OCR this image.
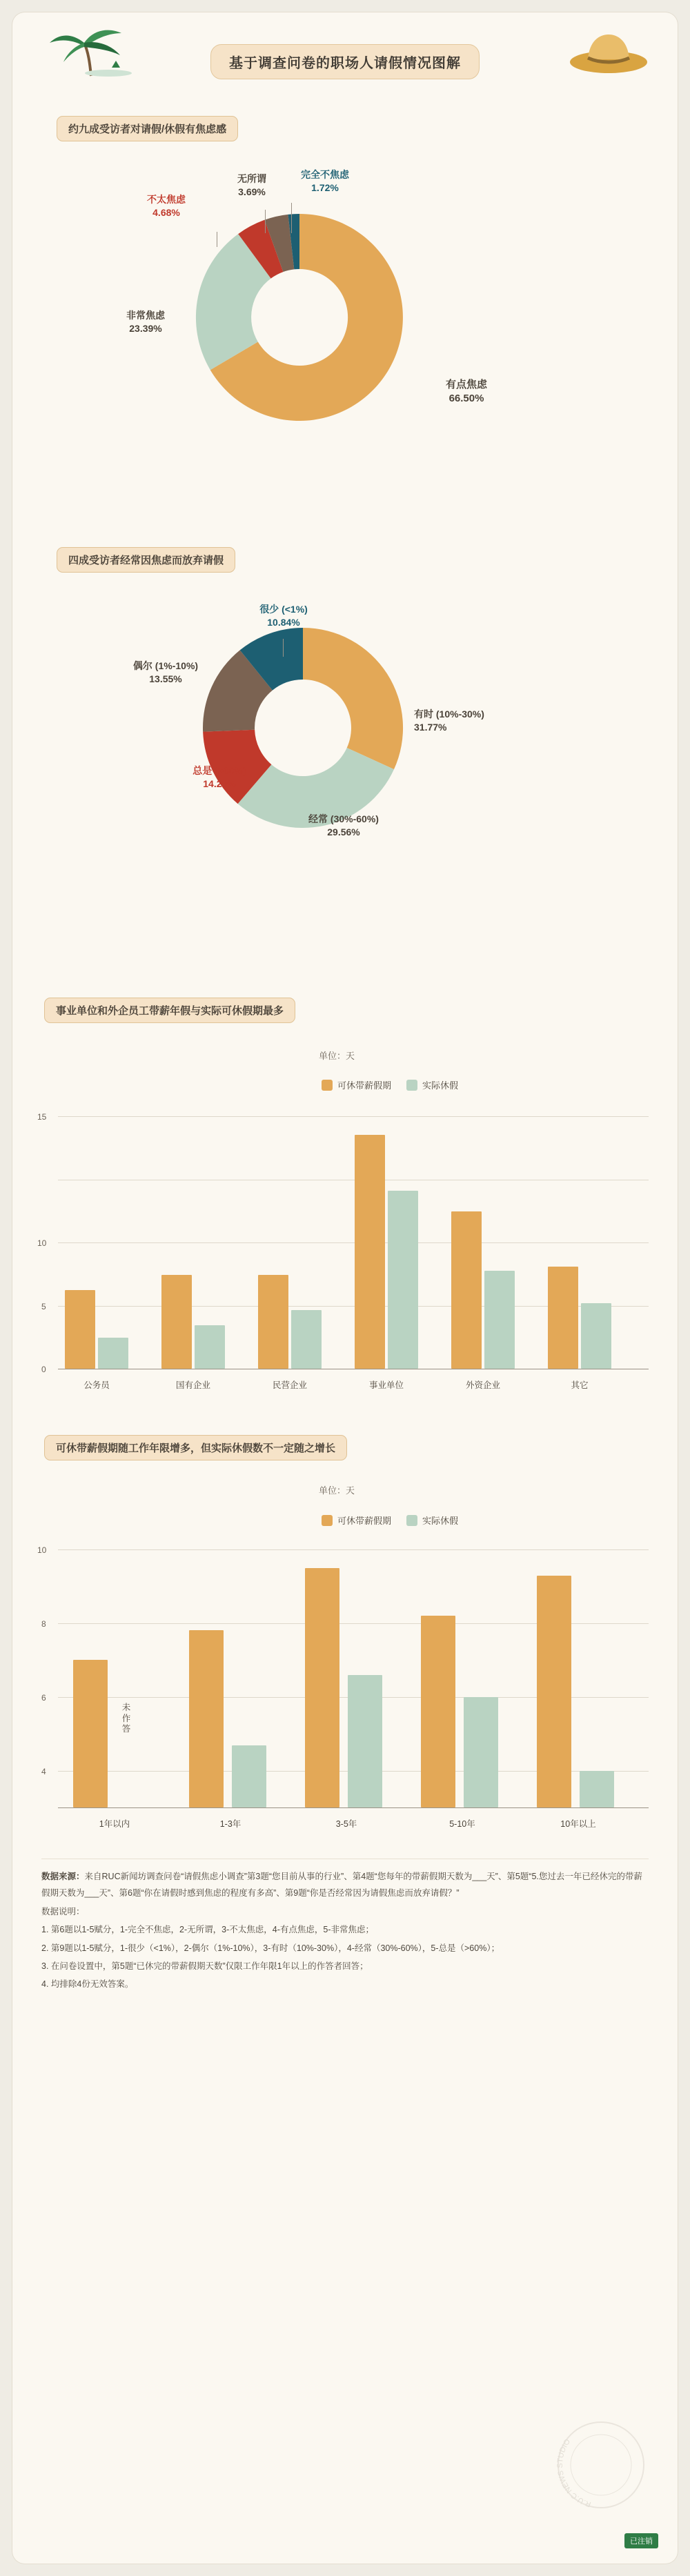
基于调查问卷的职场人请假情况图解
约九成受访者对请假/休假有焦虑感
无所谓
3.69%
完全不焦虑
1.72%
不太焦虑
4.68%
非常焦虑
23.39%
有点焦虑
66.50%
四成受访者经常因焦虑而放弃请假
很少 (<1%)
10.84%
偶尔 (1%-10%)
13.55%
总是 (>60%)
14.29%
经常 (30%-60%)
29.56%
有时 (10%-30%)
31.77%
事业单位和外企员工带薪年假与实际可休假期最多
单位：天
可休带薪假期	实际休假
15
10
5
0
公务员	国有企业	民营企业	事业单位	外资企业	其它
可休带薪假期随工作年限增多，但实际休假数不一定随之增长
单位：天
可休带薪假期	实际休假
10
8
6
4
未作答
1年以内	1-3年	3-5年	5-10年	10年以上

数据来源：来自RUC新闻坊调查问卷“请假焦虑小调查”第3题“您目前从事的行业”、第4题“您每年的带薪假期天数为___天”、第5题“5.您过去一年已经休完的带薪假期天数为___天”、第6题“你在请假时感到焦虑的程度有多高”、第9题“你是否经常因为请假焦虑而放弃请假？”

数据说明：

1. 第6题以1-5赋分，1-完全不焦虑，2-无所谓，3-不太焦虑，4-有点焦虑，5-非常焦虑；

2. 第9题以1-5赋分，1-很少（<1%），2-偶尔（1%-10%），3-有时（10%-30%），4-经常（30%-60%），5-总是（>60%）；

3. 在问卷设置中，第5题“已休完的带薪假期天数”仅限工作年限1年以上的作答者回答；

4. 均排除4份无效答案。

R.U.C NEWS STUDIO
已注销
